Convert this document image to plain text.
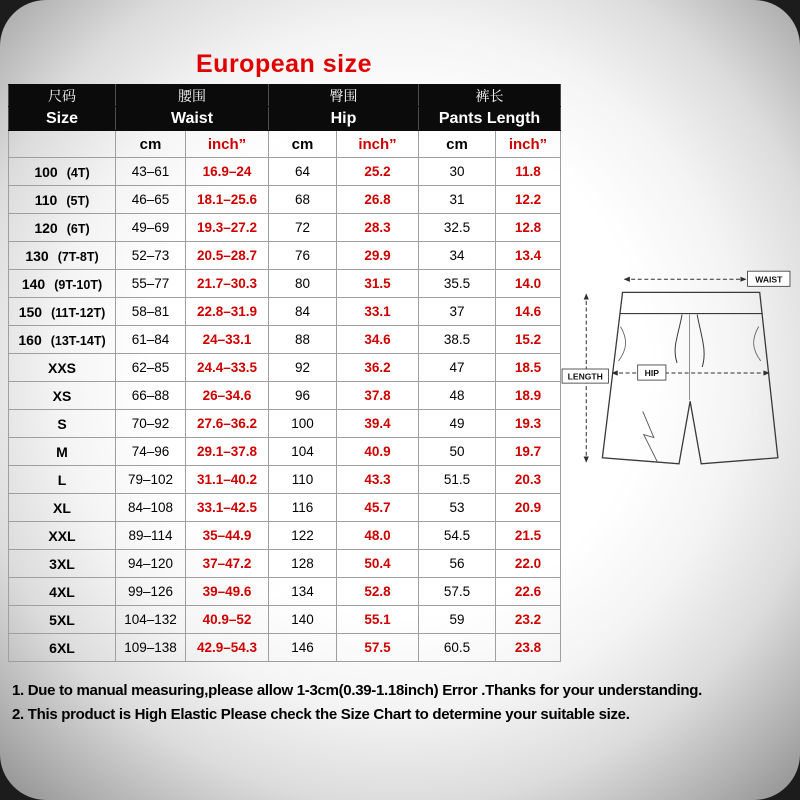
European size
尺码	腰围		臀围		裤长	
Size	Waist		Hip		Pants Length	
	cm	inch”	cm	inch”	cm	inch”
100 (4T)	43–61	16.9–24	64	25.2	30	11.8
110 (5T)	46–65	18.1–25.6	68	26.8	31	12.2
120 (6T)	49–69	19.3–27.2	72	28.3	32.5	12.8
130 (7T-8T)	52–73	20.5–28.7	76	29.9	34	13.4
140 (9T-10T)	55–77	21.7–30.3	80	31.5	35.5	14.0
150 (11T-12T)	58–81	22.8–31.9	84	33.1	37	14.6
160 (13T-14T)	61–84	24–33.1	88	34.6	38.5	15.2
XXS	62–85	24.4–33.5	92	36.2	47	18.5
XS	66–88	26–34.6	96	37.8	48	18.9
S	70–92	27.6–36.2	100	39.4	49	19.3
M	74–96	29.1–37.8	104	40.9	50	19.7
L	79–102	31.1–40.2	110	43.3	51.5	20.3
XL	84–108	33.1–42.5	116	45.7	53	20.9
XXL	89–114	35–44.9	122	48.0	54.5	21.5
3XL	94–120	37–47.2	128	50.4	56	22.0
4XL	99–126	39–49.6	134	52.8	57.5	22.6
5XL	104–132	40.9–52	140	55.1	59	23.2
6XL	109–138	42.9–54.3	146	57.5	60.5	23.8
WAIST
HIP
LENGTH
1. Due to manual measuring,please allow 1-3cm(0.39-1.18inch) Error .Thanks for your understanding.
2. This product is High Elastic Please check the Size Chart to determine your suitable size.
